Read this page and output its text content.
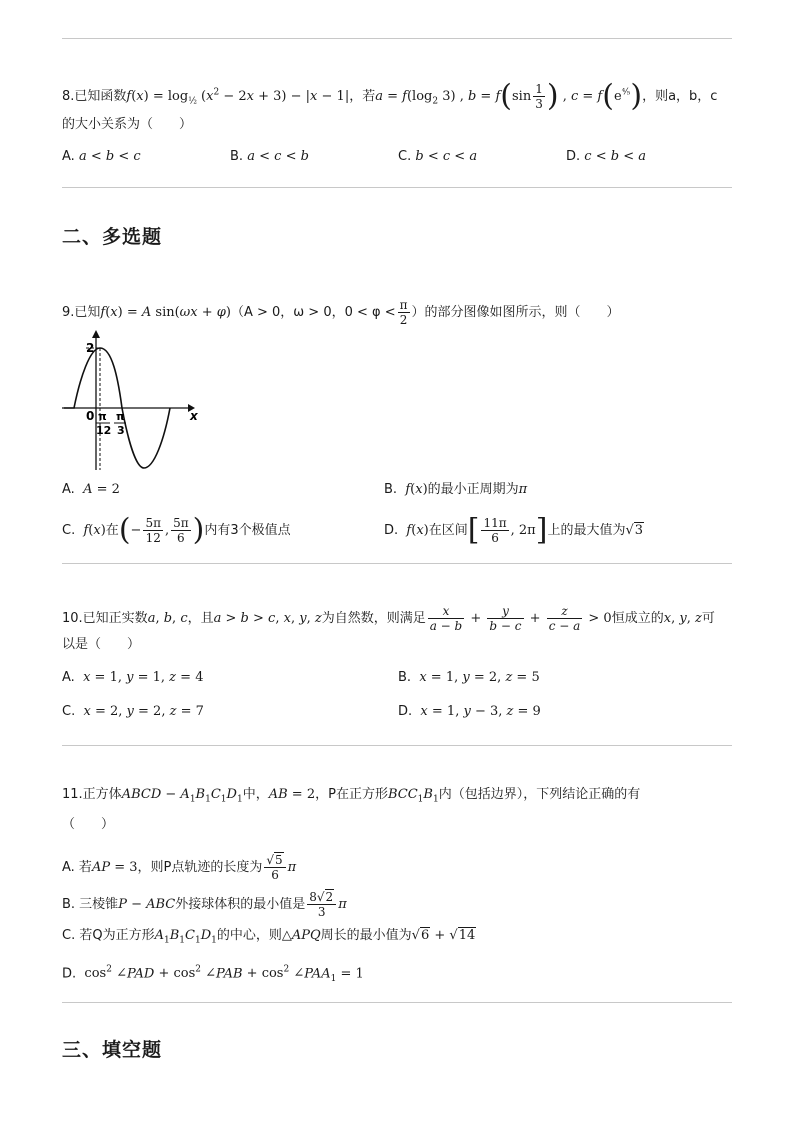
8.已知函数$f(x) = \log_{\frac{1}{2}} (x^2 - 2x + 3) - |x - 1|$，若$a = f(\log_2$ 3) , $b = f(\sin \frac{1}{3}$ ) , $c = f(e^{^4⁄_5})$，则a，b，c
的大小关系为（　　）
A. a < b < c	B. a < c < b	C. b < c < a	D. c < b < a
二、多选题
9.已知f(x) = A sin(ωx + φ)（A > 0，ω > 0，$0 < \varphi < \frac{\pi}{2}$ ）的部分图像如图所示，则（　　）
2
0	x
π
12
π
3
A. A = 2	B. f(x)的最小正周期为π
C. f(x)在(− $\frac{5\pi}{12}$ , $\frac{5\pi}{6}$ )内有3个极值点	D. f(x)在区间[ $\frac{11\pi}{6}$ , 2π]上的最大值为√3
10.已知正实数a, b, c，且a > b > c, x, y, z为自然数，则满足 $\frac{x}{a - b} + \frac{y}{b - c} + \frac{z}{c - a} > 0$恒成立的x, y, z可
以是（　　）
A. x = 1, y = 1, z = 4	B. x = 1, y = 2, z = 5
C. x = 2, y = 2, z = 7	D. x = 1, y − 3, z = 9
11.正方体ABCD − $A_1B_1C_1D_1$中，AB = 2，P在正方形$BCC_1B_1$内（包括边界），下列结论正确的有
（　　）
A. 若AP = 3，则P点轨迹的长度为 $\frac{√5}{6}$ π
B. 三棱锥P − ABC外接球体积的最小值是 $\frac{8√2}{3}$ π
C. 若Q为正方形$A_1B_1C_1D_1$的中心，则△APQ周长的最小值为√6 + √14
D. $\cos^2$ ∠PAD + $\cos^2$ ∠PAB + $\cos^2$ $\angle PAA_1 = 1$
三、填空题
